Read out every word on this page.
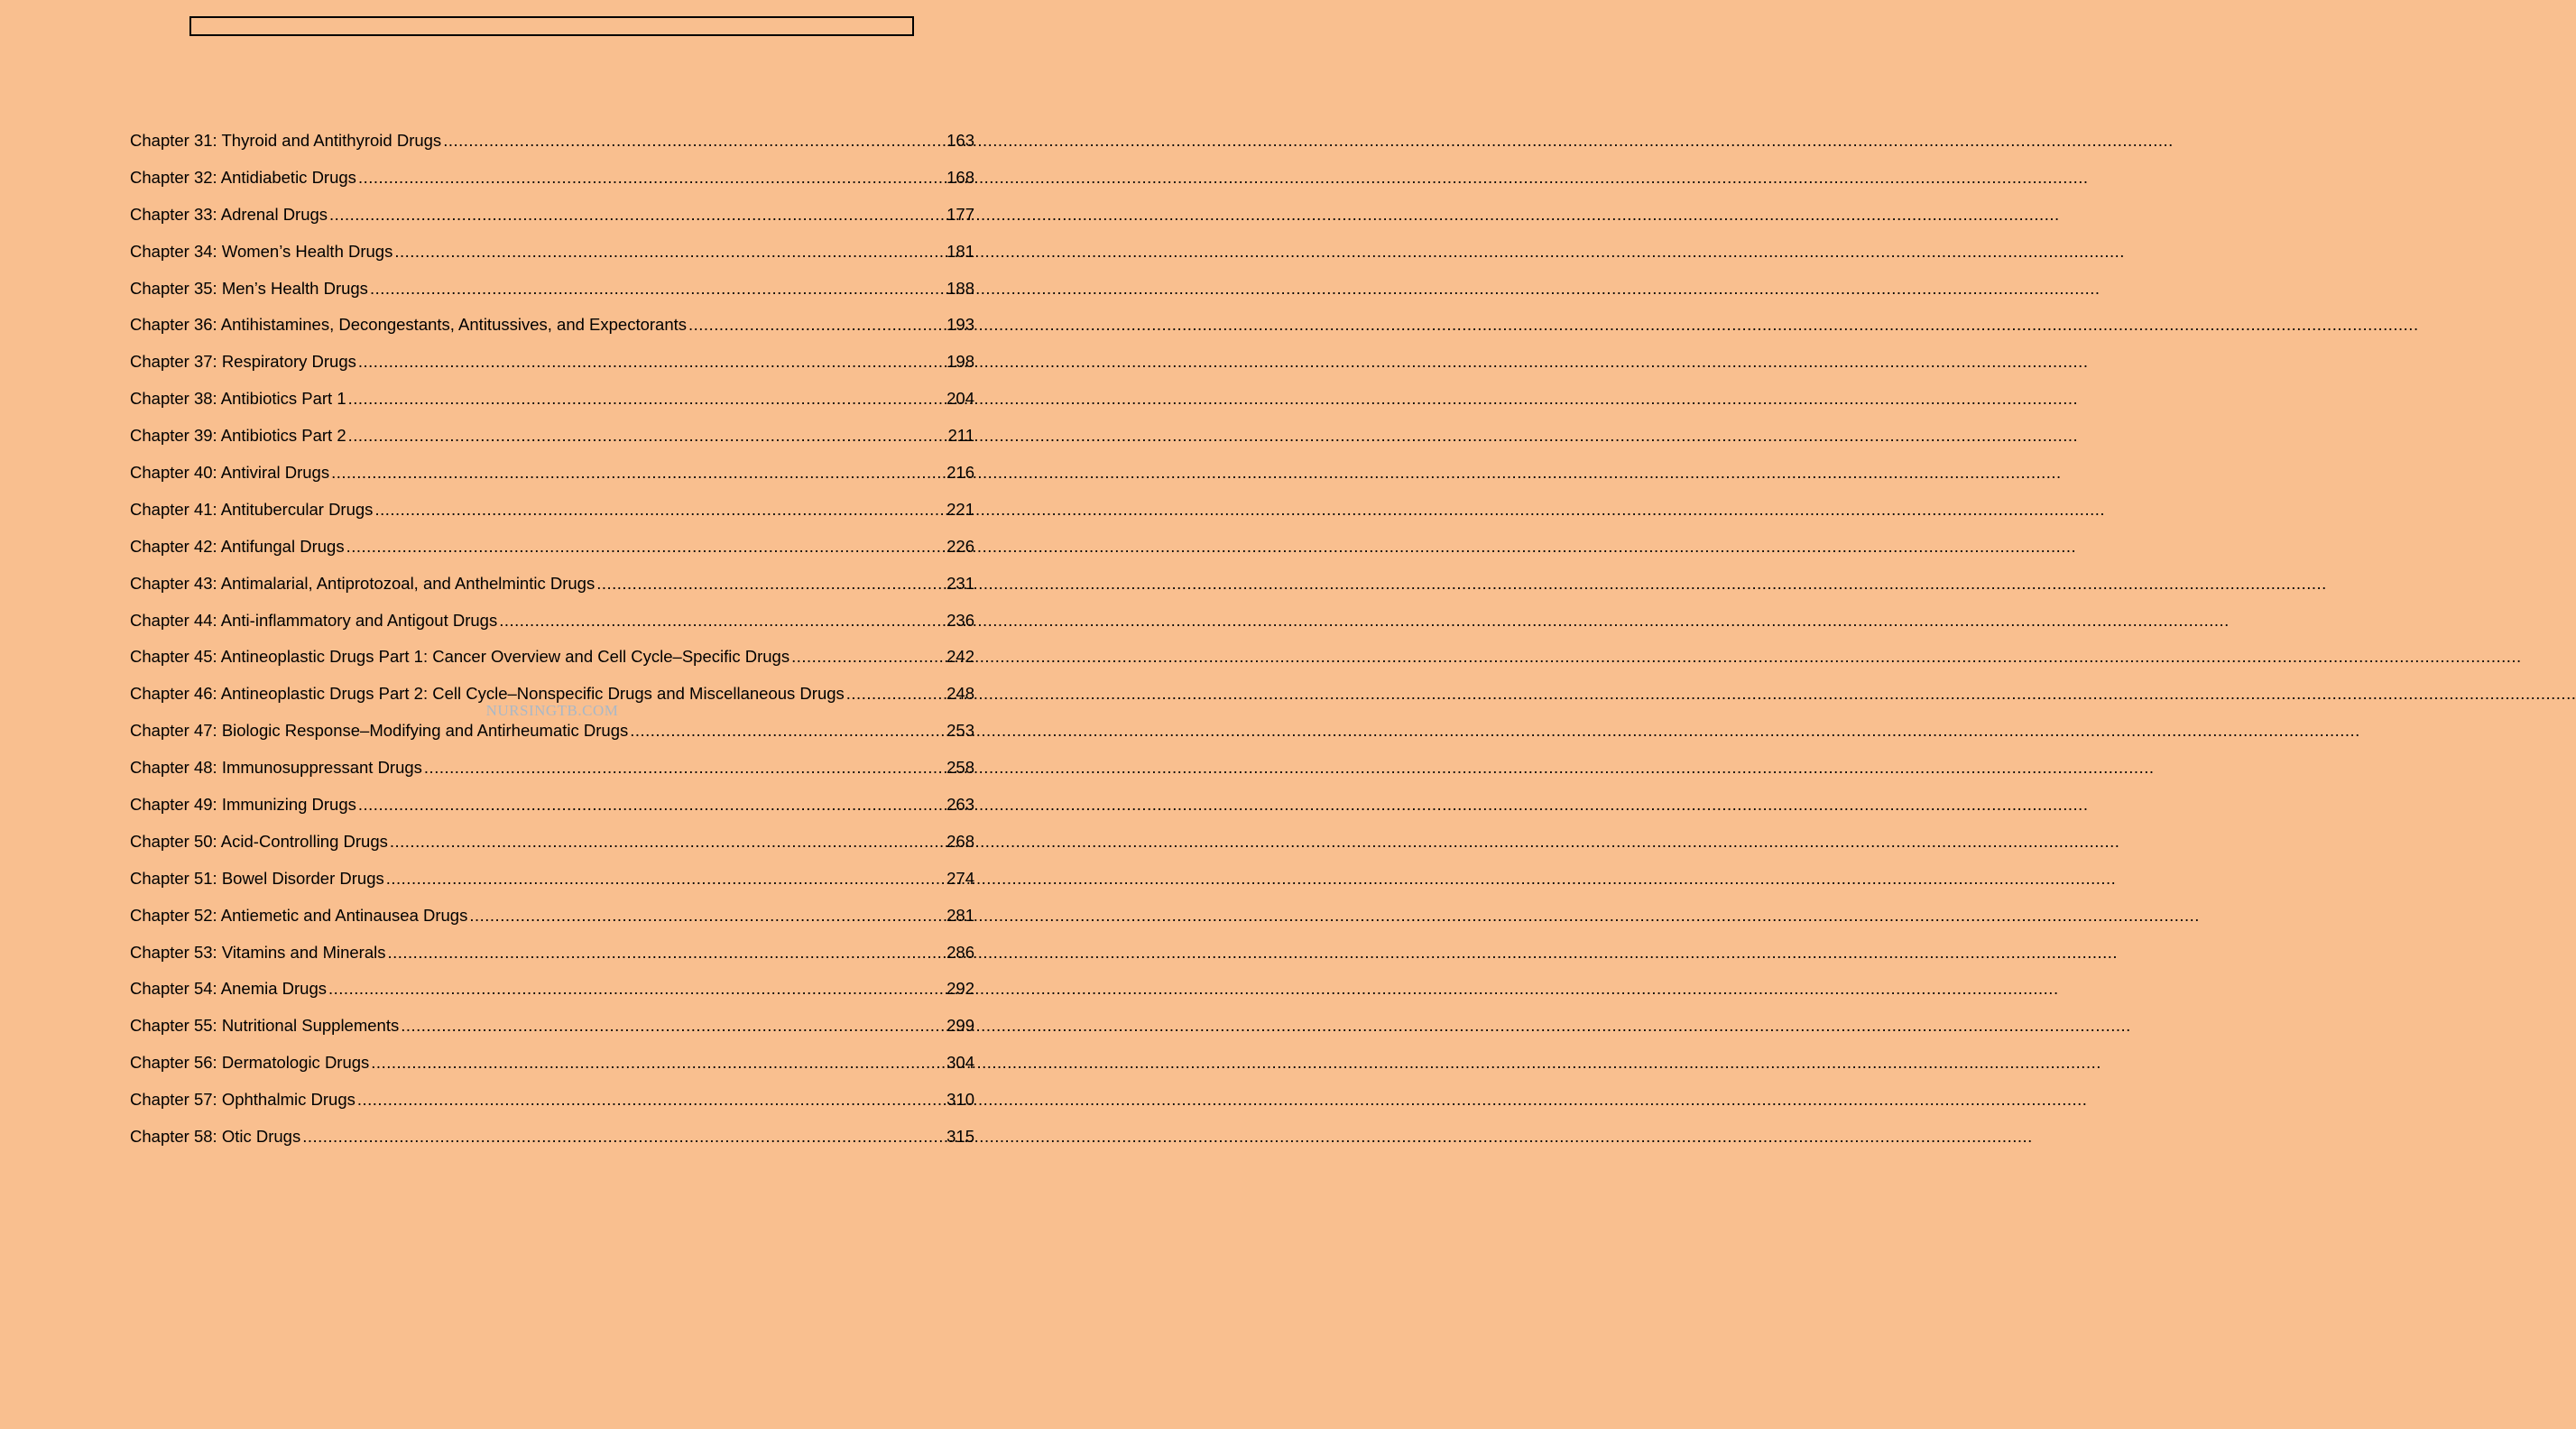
Chapter 31: Thyroid and Antithyroid Drugs .....	163
Chapter 32: Antidiabetic Drugs .....	168
Chapter 33: Adrenal Drugs .....	177
Chapter 34: Women’s Health Drugs .....	181
Chapter 35: Men’s Health Drugs .....	188
Chapter 36: Antihistamines, Decongestants, Antitussives, and Expectorants .....	193
Chapter 37: Respiratory Drugs .....	198
Chapter 38: Antibiotics Part 1 .....	204
Chapter 39: Antibiotics Part 2 .....	211
Chapter 40: Antiviral Drugs .....	216
Chapter 41: Antitubercular Drugs .....	221
Chapter 42: Antifungal Drugs .....	226
Chapter 43: Antimalarial, Antiprotozoal, and Anthelmintic Drugs .....	231
Chapter 44: Anti-inflammatory and Antigout Drugs .....	236
Chapter 45: Antineoplastic Drugs Part 1: Cancer Overview and Cell Cycle–Specific Drugs .....	242
Chapter 46: Antineoplastic Drugs Part 2: Cell Cycle–Nonspecific Drugs and Miscellaneous Drugs .....	248
Chapter 47: Biologic Response–Modifying and Antirheumatic Drugs .....	253
Chapter 48: Immunosuppressant Drugs .....	258
Chapter 49: Immunizing Drugs .....	263
Chapter 50: Acid-Controlling Drugs .....	268
Chapter 51: Bowel Disorder Drugs .....	274
Chapter 52: Antiemetic and Antinausea Drugs .....	281
Chapter 53: Vitamins and Minerals .....	286
Chapter 54: Anemia Drugs .....	292
Chapter 55: Nutritional Supplements .....	299
Chapter 56: Dermatologic Drugs .....	304
Chapter 57: Ophthalmic Drugs .....	310
Chapter 58: Otic Drugs .....	315
NURSINGTB.COM
